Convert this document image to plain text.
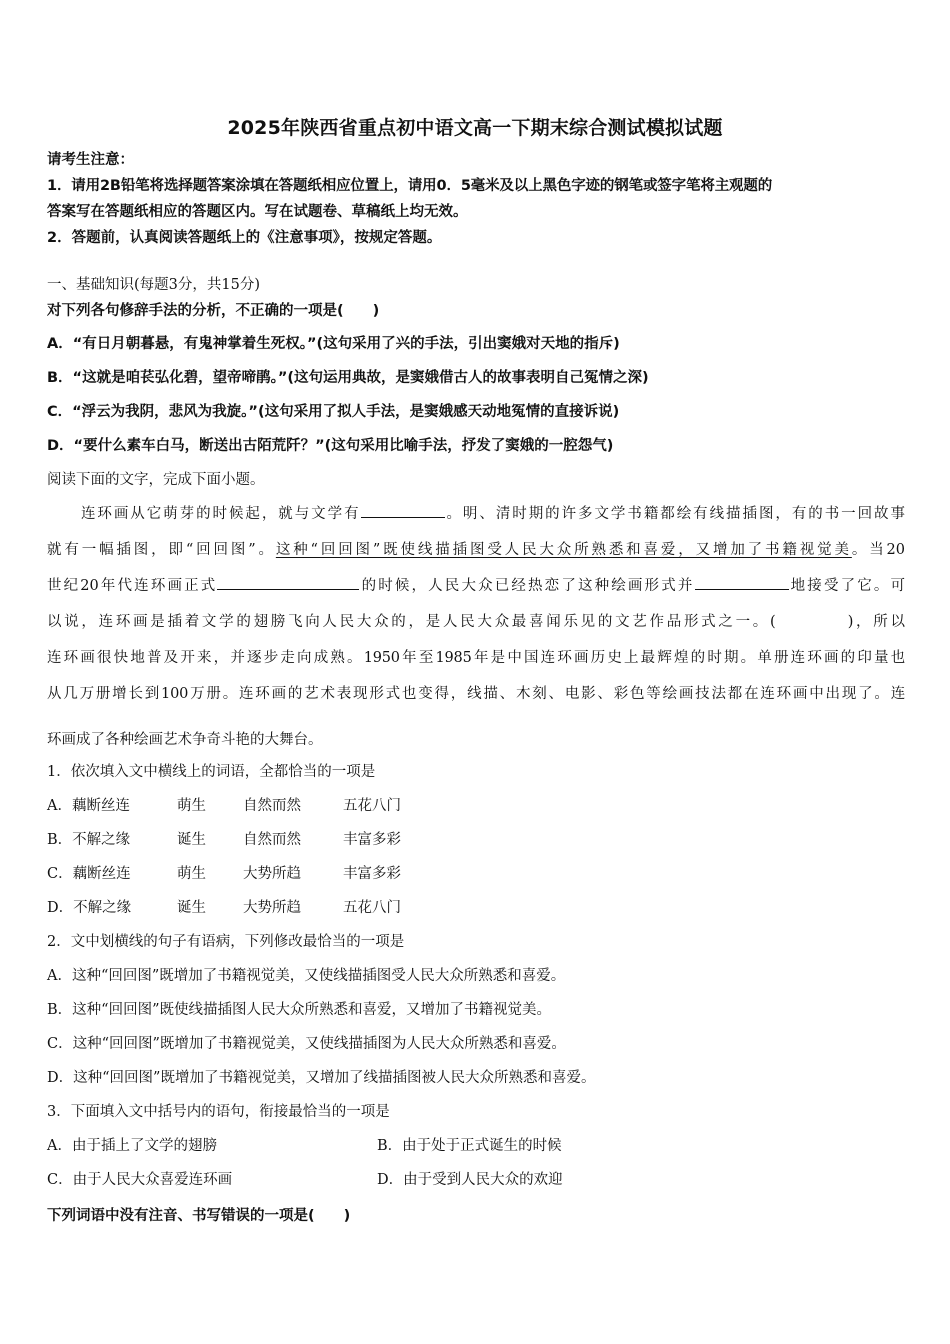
2025年陕西省重点初中语文高一下期末综合测试模拟试题
请考生注意：
1．请用2B铅笔将选择题答案涂填在答题纸相应位置上，请用0．5毫米及以上黑色字迹的钢笔或签字笔将主观题的
答案写在答题纸相应的答题区内。写在试题卷、草稿纸上均无效。
2．答题前，认真阅读答题纸上的《注意事项》，按规定答题。
一、基础知识(每题3分，共15分)
对下列各句修辞手法的分析，不正确的一项是(　　)
A．“有日月朝暮悬，有鬼神掌着生死权。”(这句采用了兴的手法，引出窦娥对天地的指斥)
B．“这就是咱苌弘化碧，望帝啼鹃。”(这句运用典故，是窦娥借古人的故事表明自己冤情之深)
C．“浮云为我阴，悲风为我旋。”(这句采用了拟人手法，是窦娥感天动地冤情的直接诉说)
D．“要什么素车白马，断送出古陌荒阡？”(这句采用比喻手法，抒发了窦娥的一腔怨气)
阅读下面的文字，完成下面小题。
连环画从它萌芽的时候起，就与文学有	。明、清时期的许多文学书籍都绘有线描插图，有的书一回故事
就有一幅插图，即“回回图”。这种“回回图”既使线描插图受人民大众所熟悉和喜爱，又增加了书籍视觉美。当20
世纪20年代连环画正式	的时候，人民大众已经热恋了这种绘画形式并	地接受了它。可
以说，连环画是插着文学的翅膀飞向人民大众的，是人民大众最喜闻乐见的文艺作品形式之一。(	)，所以
连环画很快地普及开来，并逐步走向成熟。1950年至1985年是中国连环画历史上最辉煌的时期。单册连环画的印量也
从几万册增长到100万册。连环画的艺术表现形式也变得，线描、木刻、电影、彩色等绘画技法都在连环画中出现了。连
环画成了各种绘画艺术争奇斗艳的大舞台。
1．依次填入文中横线上的词语，全都恰当的一项是
A．藕断丝连	萌生	自然而然	五花八门
B．不解之缘	诞生	自然而然	丰富多彩
C．藕断丝连	萌生	大势所趋	丰富多彩
D．不解之缘	诞生	大势所趋	五花八门
2．文中划横线的句子有语病，下列修改最恰当的一项是
A．这种“回回图”既增加了书籍视觉美，又使线描插图受人民大众所熟悉和喜爱。
B．这种“回回图”既使线描插图人民大众所熟悉和喜爱，又增加了书籍视觉美。
C．这种“回回图”既增加了书籍视觉美，又使线描插图为人民大众所熟悉和喜爱。
D．这种“回回图”既增加了书籍视觉美，又增加了线描插图被人民大众所熟悉和喜爱。
3．下面填入文中括号内的语句，衔接最恰当的一项是
A．由于插上了文学的翅膀	B．由于处于正式诞生的时候
C．由于人民大众喜爱连环画	D．由于受到人民大众的欢迎
下列词语中没有注音、书写错误的一项是(　　)
